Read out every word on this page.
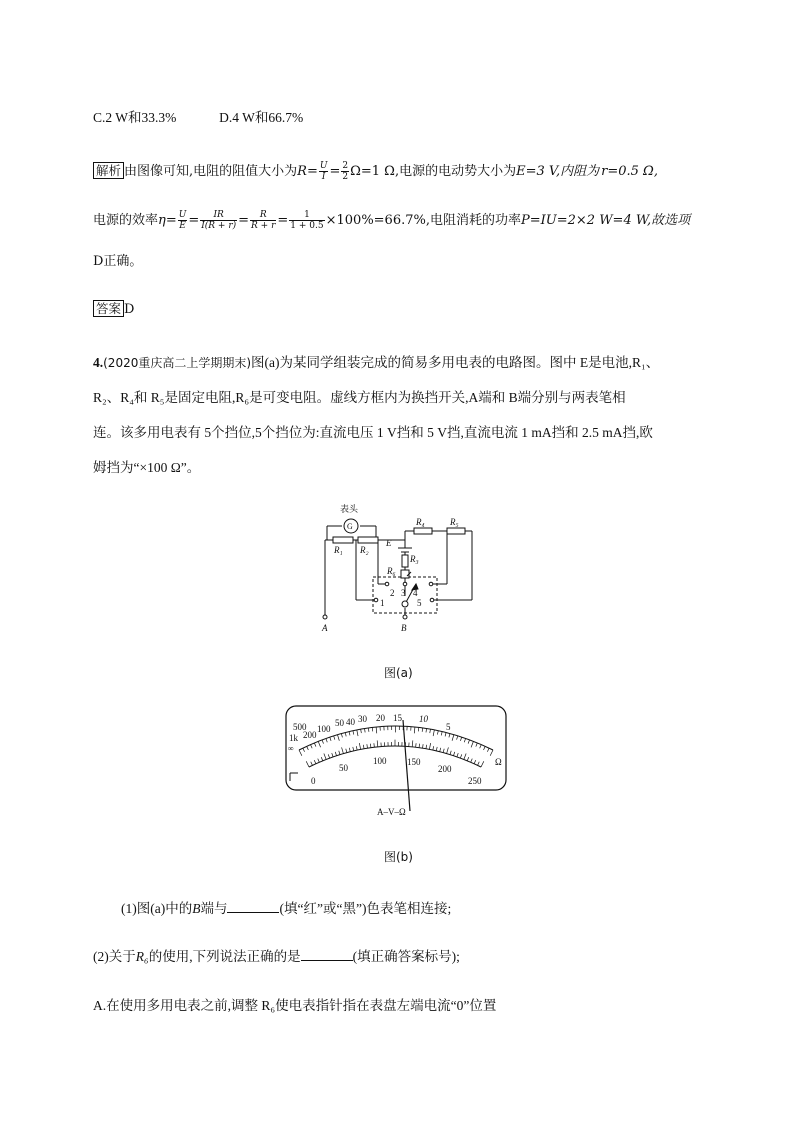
C.2 W和33.3%	D.4 W和66.7%
解析 由图像可知,电阻的阻值大小为$R= \frac{U}{I} = \frac{2}{2} \Omega=1$ Ω,电源的电动势大小为E=3 V,内阻为 r=0.5 Ω,
电源的效率$\eta= \frac{U}{E} = \frac{IR}{I(R + r)} = \frac{R}{R + r} = \frac{1}{1 + 0.5} \times 100\%=66.7\%$,电阻消耗的功率P=IU=2×2 W=4 W,故选项
D正确。
答案 D
4.(2020重庆高二上学期期末)图(a)为某同学组装完成的简易多用电表的电路图。图中 E是电池,R₁、
R₂、R₄和 R₅是固定电阻,R₆是可变电阻。虚线方框内为换挡开关,A端和 B端分别与两表笔相
连。该多用电表有 5个挡位,5个挡位为:直流电压 1 V挡和 5 V挡,直流电流 1 mA挡和 2.5 mA挡,欧
姆挡为“×100 Ω”。
表头
G
E
R₁ R₂
R₃
R₄	R₅
R₆
A	B
1
2 3 4
5
图(a)
500
1k
∞
200
100
50 40 30 20 15 10
5
Ω
0
50
100 150
200
250
A–V–Ω
图(b)
(1)图(a)中的B端与	(填“红”或“黑”)色表笔相连接;
(2)关于R₆的使用,下列说法正确的是	(填正确答案标号);
A.在使用多用电表之前,调整 R₆使电表指针指在表盘左端电流“0”位置
